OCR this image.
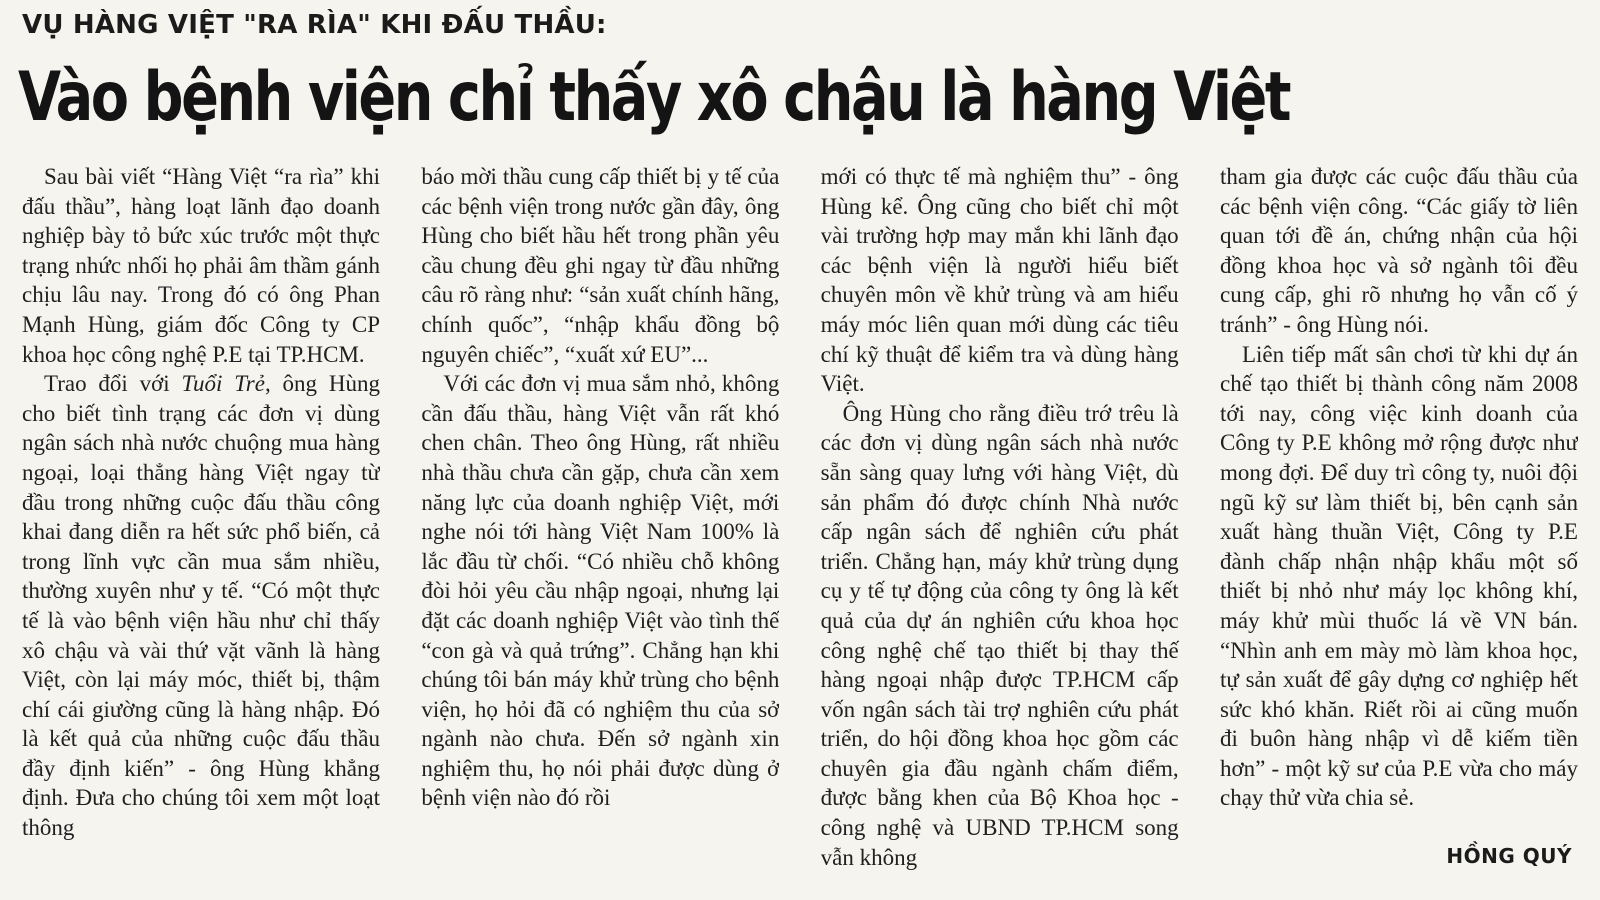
VỤ HÀNG VIỆT "RA RÌA" KHI ĐẤU THẦU:
Vào bệnh viện chỉ thấy xô chậu là hàng Việt

Sau bài viết “Hàng Việt “ra rìa” khi đấu thầu”, hàng loạt lãnh đạo doanh nghiệp bày tỏ bức xúc trước một thực trạng nhức nhối họ phải âm thầm gánh chịu lâu nay. Trong đó có ông Phan Mạnh Hùng, giám đốc Công ty CP khoa học công nghệ P.E tại TP.HCM.

Trao đổi với Tuổi Trẻ, ông Hùng cho biết tình trạng các đơn vị dùng ngân sách nhà nước chuộng mua hàng ngoại, loại thẳng hàng Việt ngay từ đầu trong những cuộc đấu thầu công khai đang diễn ra hết sức phổ biến, cả trong lĩnh vực cần mua sắm nhiều, thường xuyên như y tế. “Có một thực tế là vào bệnh viện hầu như chỉ thấy xô chậu và vài thứ vặt vãnh là hàng Việt, còn lại máy móc, thiết bị, thậm chí cái giường cũng là hàng nhập. Đó là kết quả của những cuộc đấu thầu đầy định kiến” - ông Hùng khẳng định. Đưa cho chúng tôi xem một loạt thông

báo mời thầu cung cấp thiết bị y tế của các bệnh viện trong nước gần đây, ông Hùng cho biết hầu hết trong phần yêu cầu chung đều ghi ngay từ đầu những câu rõ ràng như: “sản xuất chính hãng, chính quốc”, “nhập khẩu đồng bộ nguyên chiếc”, “xuất xứ EU”...

Với các đơn vị mua sắm nhỏ, không cần đấu thầu, hàng Việt vẫn rất khó chen chân. Theo ông Hùng, rất nhiều nhà thầu chưa cần gặp, chưa cần xem năng lực của doanh nghiệp Việt, mới nghe nói tới hàng Việt Nam 100% là lắc đầu từ chối. “Có nhiều chỗ không đòi hỏi yêu cầu nhập ngoại, nhưng lại đặt các doanh nghiệp Việt vào tình thế “con gà và quả trứng”. Chẳng hạn khi chúng tôi bán máy khử trùng cho bệnh viện, họ hỏi đã có nghiệm thu của sở ngành nào chưa. Đến sở ngành xin nghiệm thu, họ nói phải được dùng ở bệnh viện nào đó rồi

mới có thực tế mà nghiệm thu” - ông Hùng kể. Ông cũng cho biết chỉ một vài trường hợp may mắn khi lãnh đạo các bệnh viện là người hiểu biết chuyên môn về khử trùng và am hiểu máy móc liên quan mới dùng các tiêu chí kỹ thuật để kiểm tra và dùng hàng Việt.

Ông Hùng cho rằng điều trớ trêu là các đơn vị dùng ngân sách nhà nước sẵn sàng quay lưng với hàng Việt, dù sản phẩm đó được chính Nhà nước cấp ngân sách để nghiên cứu phát triển. Chẳng hạn, máy khử trùng dụng cụ y tế tự động của công ty ông là kết quả của dự án nghiên cứu khoa học công nghệ chế tạo thiết bị thay thế hàng ngoại nhập được TP.HCM cấp vốn ngân sách tài trợ nghiên cứu phát triển, do hội đồng khoa học gồm các chuyên gia đầu ngành chấm điểm, được bằng khen của Bộ Khoa học - công nghệ và UBND TP.HCM song vẫn không

tham gia được các cuộc đấu thầu của các bệnh viện công. “Các giấy tờ liên quan tới đề án, chứng nhận của hội đồng khoa học và sở ngành tôi đều cung cấp, ghi rõ nhưng họ vẫn cố ý tránh” - ông Hùng nói.

Liên tiếp mất sân chơi từ khi dự án chế tạo thiết bị thành công năm 2008 tới nay, công việc kinh doanh của Công ty P.E không mở rộng được như mong đợi. Để duy trì công ty, nuôi đội ngũ kỹ sư làm thiết bị, bên cạnh sản xuất hàng thuần Việt, Công ty P.E đành chấp nhận nhập khẩu một số thiết bị nhỏ như máy lọc không khí, máy khử mùi thuốc lá về VN bán. “Nhìn anh em mày mò làm khoa học, tự sản xuất để gây dựng cơ nghiệp hết sức khó khăn. Riết rồi ai cũng muốn đi buôn hàng nhập vì dễ kiếm tiền hơn” - một kỹ sư của P.E vừa cho máy chạy thử vừa chia sẻ.

HỒNG QUÝ
